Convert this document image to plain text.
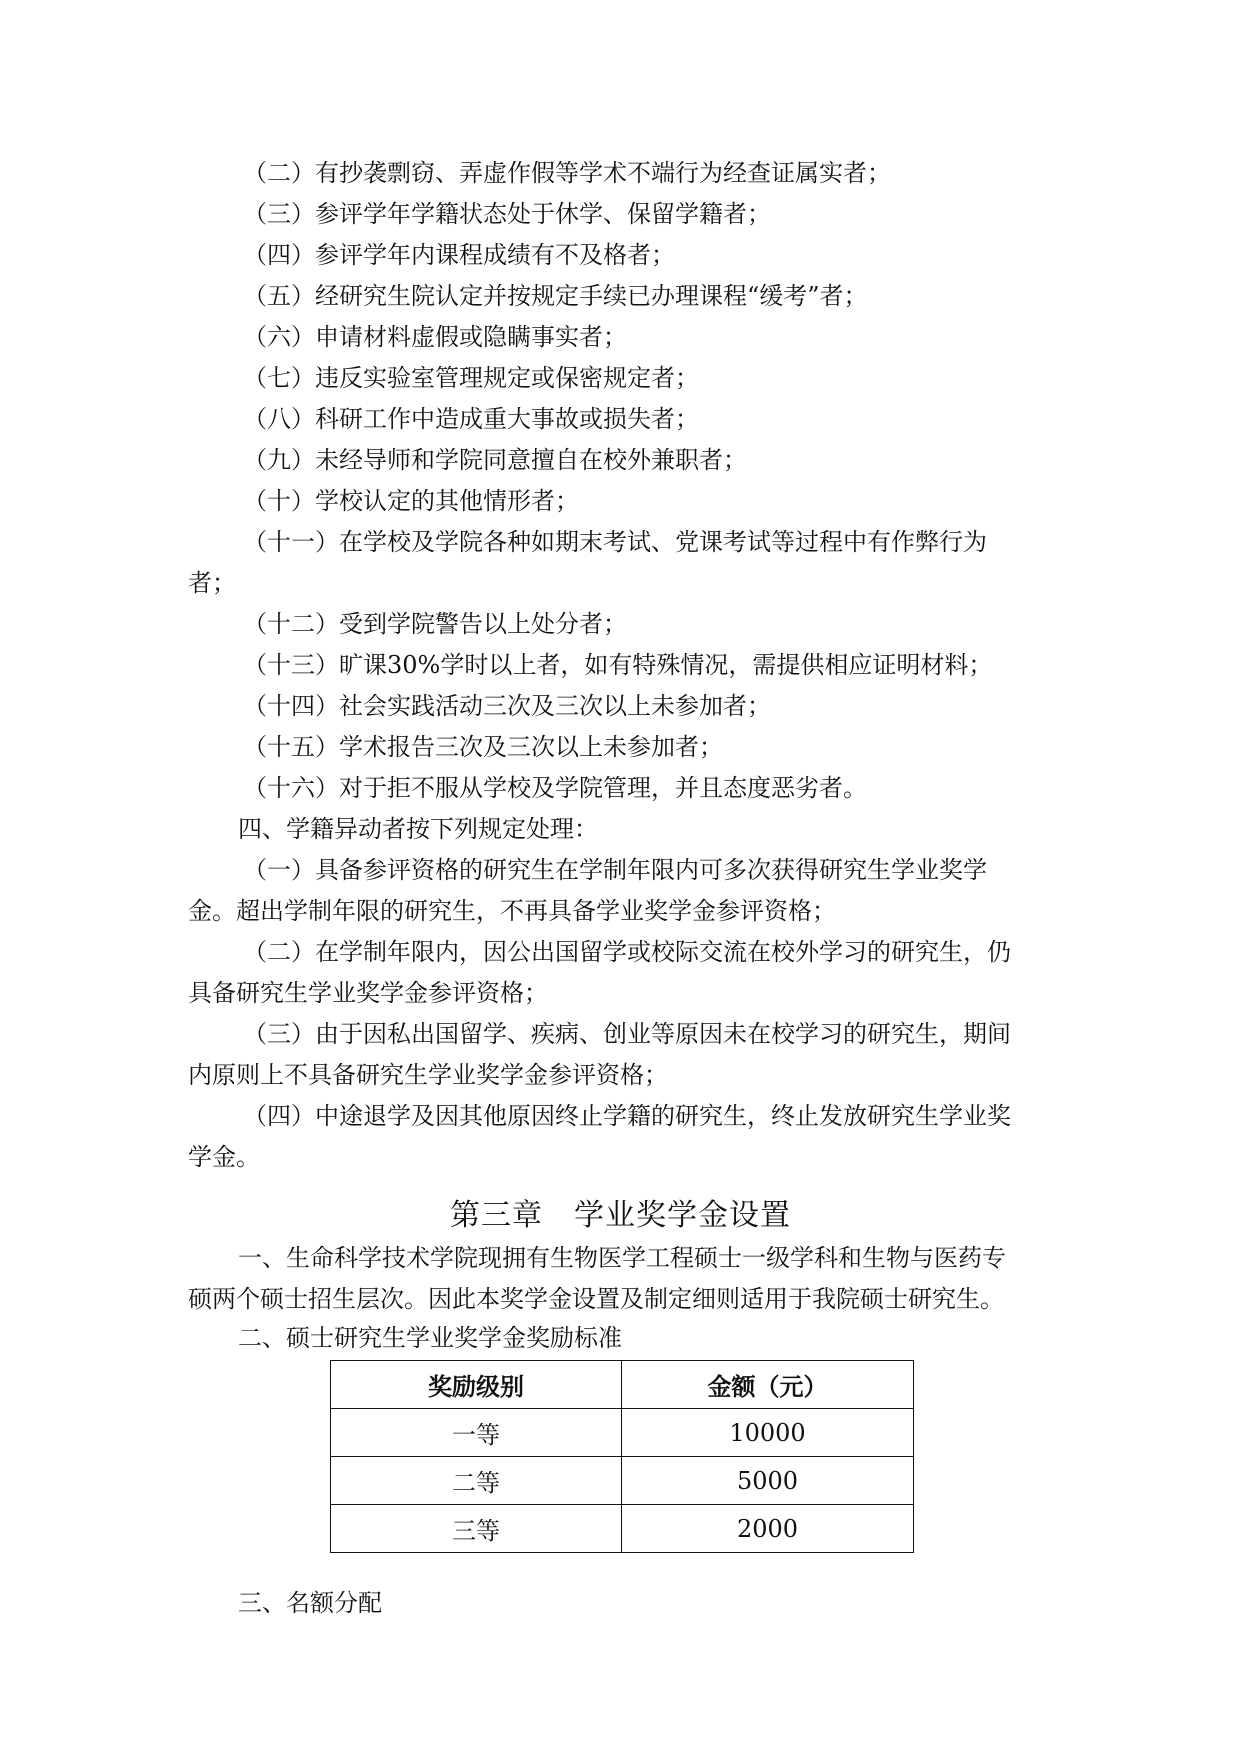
（二）有抄袭剽窃、弄虚作假等学术不端行为经查证属实者；
（三）参评学年学籍状态处于休学、保留学籍者；
（四）参评学年内课程成绩有不及格者；
（五）经研究生院认定并按规定手续已办理课程“缓考”者；
（六）申请材料虚假或隐瞒事实者；
（七）违反实验室管理规定或保密规定者；
（八）科研工作中造成重大事故或损失者；
（九）未经导师和学院同意擅自在校外兼职者；
（十）学校认定的其他情形者；
（十一）在学校及学院各种如期末考试、党课考试等过程中有作弊行为
者；
（十二）受到学院警告以上处分者；
（十三）旷课30%学时以上者，如有特殊情况，需提供相应证明材料；
（十四）社会实践活动三次及三次以上未参加者；
（十五）学术报告三次及三次以上未参加者；
（十六）对于拒不服从学校及学院管理，并且态度恶劣者。
四、学籍异动者按下列规定处理：
（一）具备参评资格的研究生在学制年限内可多次获得研究生学业奖学
金。超出学制年限的研究生，不再具备学业奖学金参评资格；
（二）在学制年限内，因公出国留学或校际交流在校外学习的研究生，仍
具备研究生学业奖学金参评资格；
（三）由于因私出国留学、疾病、创业等原因未在校学习的研究生，期间
内原则上不具备研究生学业奖学金参评资格；
（四）中途退学及因其他原因终止学籍的研究生，终止发放研究生学业奖
学金。
第三章　学业奖学金设置
一、生命科学技术学院现拥有生物医学工程硕士一级学科和生物与医药专
硕两个硕士招生层次。因此本奖学金设置及制定细则适用于我院硕士研究生。
二、硕士研究生学业奖学金奖励标准
奖励级别	金额（元）
一等	10000
二等	5000
三等	2000
三、名额分配
